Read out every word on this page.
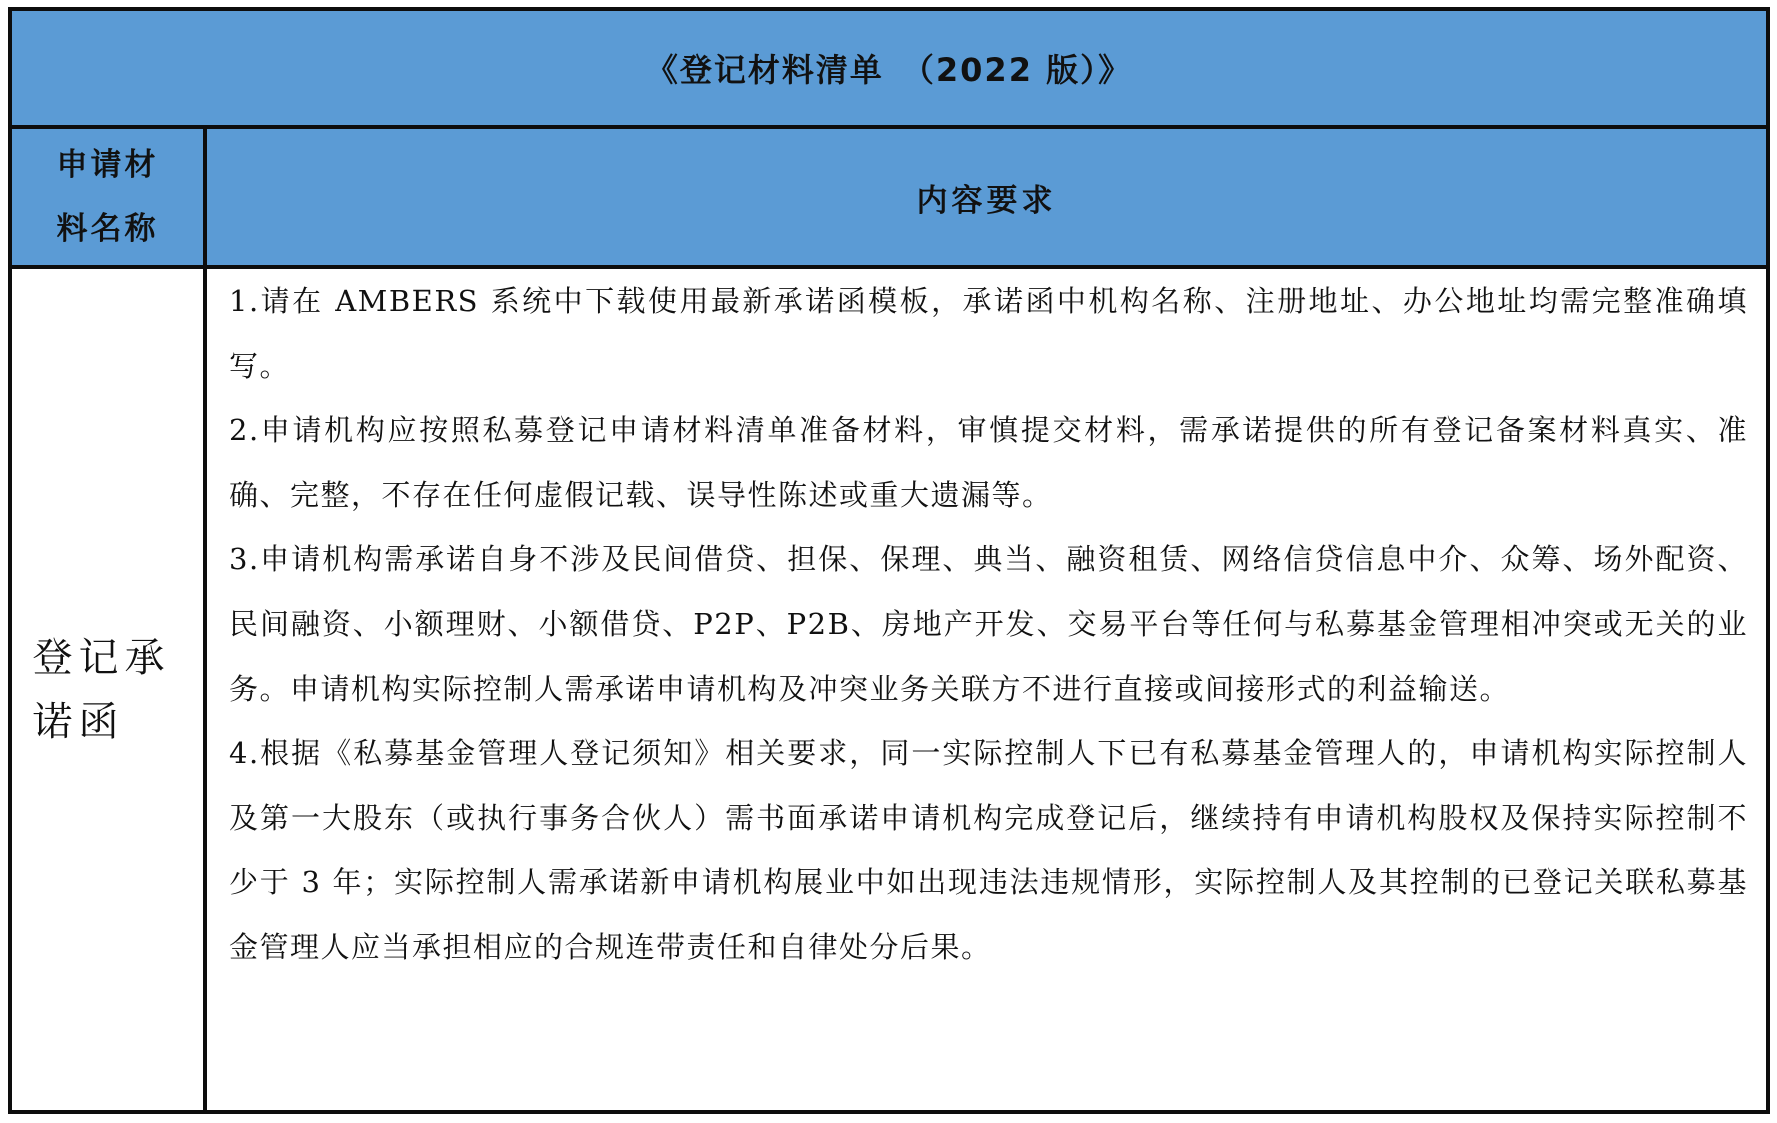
《登记材料清单　（2022 版）》
申请材料名称
内容要求
登记承诺函
1.请在 AMBERS 系统中下载使用最新承诺函模板，承诺函中机构名称、注册地址、办公地址均需完整准确填写。
2.申请机构应按照私募登记申请材料清单准备材料，审慎提交材料，需承诺提供的所有登记备案材料真实、准确、完整，不存在任何虚假记载、误导性陈述或重大遗漏等。
3.申请机构需承诺自身不涉及民间借贷、担保、保理、典当、融资租赁、网络信贷信息中介、众筹、场外配资、民间融资、小额理财、小额借贷、P2P、P2B、房地产开发、交易平台等任何与私募基金管理相冲突或无关的业务。申请机构实际控制人需承诺申请机构及冲突业务关联方不进行直接或间接形式的利益输送。
4.根据《私募基金管理人登记须知》相关要求，同一实际控制人下已有私募基金管理人的，申请机构实际控制人及第一大股东（或执行事务合伙人）需书面承诺申请机构完成登记后，继续持有申请机构股权及保持实际控制不少于 3 年；实际控制人需承诺新申请机构展业中如出现违法违规情形，实际控制人及其控制的已登记关联私募基金管理人应当承担相应的合规连带责任和自律处分后果。
